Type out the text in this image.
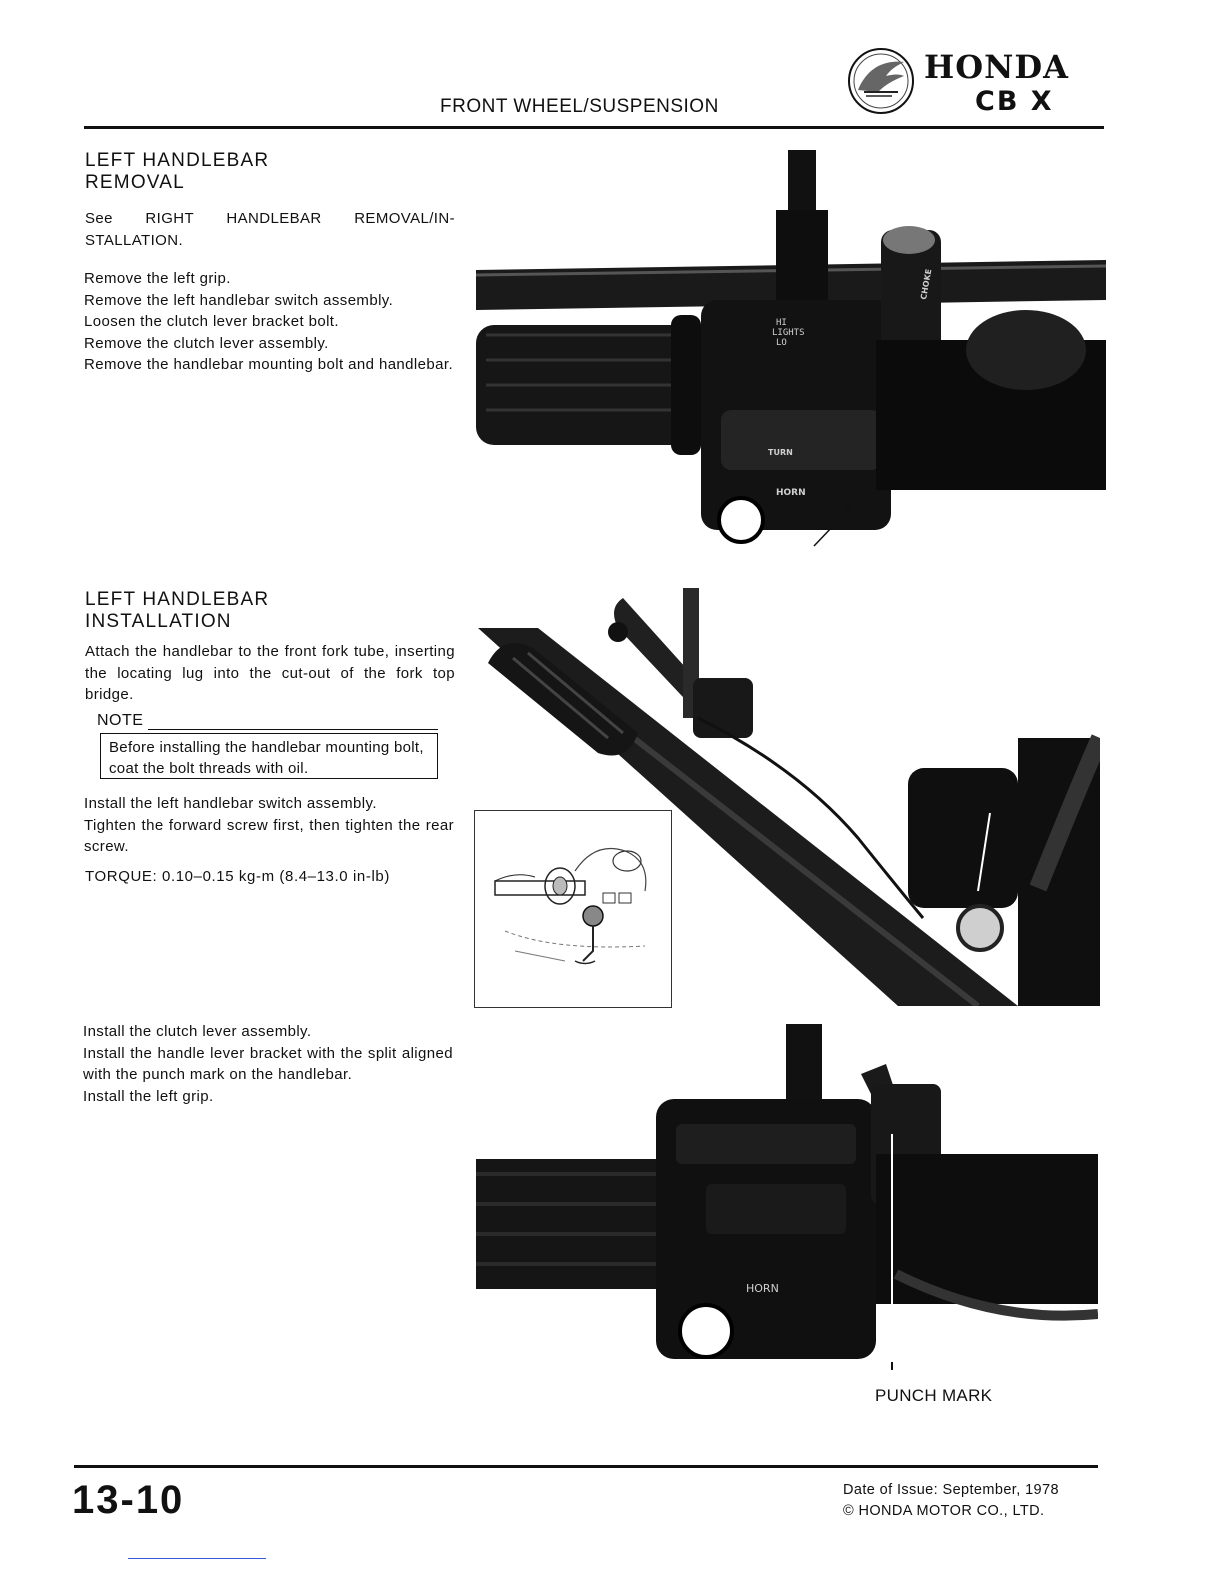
FRONT WHEEL/SUSPENSION
HONDA
CB X
LEFT HANDLEBAR
REMOVAL
See RIGHT HANDLEBAR REMOVAL/IN-STALLATION.

Remove the left grip.

Remove the left handlebar switch assembly.

Loosen the clutch lever bracket bolt.

Remove the clutch lever assembly.

Remove the handlebar mounting bolt and handlebar.

LEFT HANDLEBAR
INSTALLATION
Attach the handlebar to the front fork tube, inserting the locating lug into the cut-out of the fork top bridge.
NOTE
Before installing the handlebar mounting bolt, coat the bolt threads with oil.

Install the left handlebar switch assembly.

Tighten the forward screw first, then tighten the rear screw.

TORQUE: 0.10–0.15 kg-m (8.4–13.0 in-lb)

Install the clutch lever assembly.

Install the handle lever bracket with the split aligned with the punch mark on the handlebar.

Install the left grip.

HI LIGHTS LO
TURN
HORN
CHOKE
HORN
PUNCH MARK
13-10	Date of Issue: September, 1978
© HONDA MOTOR CO., LTD.
